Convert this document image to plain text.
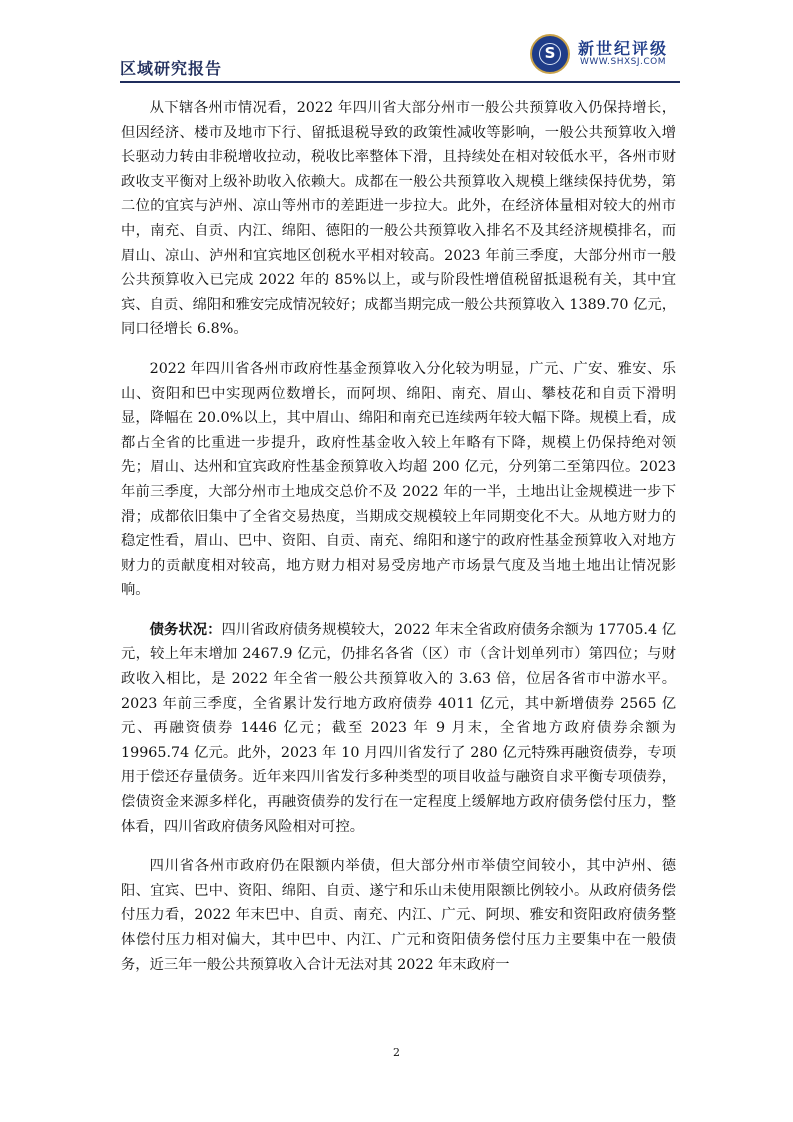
区域研究报告
S	新世纪评级
WWW.SHXSJ.COM

从下辖各州市情况看，2022 年四川省大部分州市一般公共预算收入仍保持增长，但因经济、楼市及地市下行、留抵退税导致的政策性减收等影响，一般公共预算收入增长驱动力转由非税增收拉动，税收比率整体下滑，且持续处在相对较低水平，各州市财政收支平衡对上级补助收入依赖大。成都在一般公共预算收入规模上继续保持优势，第二位的宜宾与泸州、凉山等州市的差距进一步拉大。此外，在经济体量相对较大的州市中，南充、自贡、内江、绵阳、德阳的一般公共预算收入排名不及其经济规模排名，而眉山、凉山、泸州和宜宾地区创税水平相对较高。2023 年前三季度，大部分州市一般公共预算收入已完成 2022 年的 85%以上，或与阶段性增值税留抵退税有关，其中宜宾、自贡、绵阳和雅安完成情况较好；成都当期完成一般公共预算收入 1389.70 亿元，同口径增长 6.8%。

2022 年四川省各州市政府性基金预算收入分化较为明显，广元、广安、雅安、乐山、资阳和巴中实现两位数增长，而阿坝、绵阳、南充、眉山、攀枝花和自贡下滑明显，降幅在 20.0%以上，其中眉山、绵阳和南充已连续两年较大幅下降。规模上看，成都占全省的比重进一步提升，政府性基金收入较上年略有下降，规模上仍保持绝对领先；眉山、达州和宜宾政府性基金预算收入均超 200 亿元，分列第二至第四位。2023 年前三季度，大部分州市土地成交总价不及 2022 年的一半，土地出让金规模进一步下滑；成都依旧集中了全省交易热度，当期成交规模较上年同期变化不大。从地方财力的稳定性看，眉山、巴中、资阳、自贡、南充、绵阳和遂宁的政府性基金预算收入对地方财力的贡献度相对较高，地方财力相对易受房地产市场景气度及当地土地出让情况影响。

债务状况：四川省政府债务规模较大，2022 年末全省政府债务余额为 17705.4 亿元，较上年末增加 2467.9 亿元，仍排名各省（区）市（含计划单列市）第四位；与财政收入相比，是 2022 年全省一般公共预算收入的 3.63 倍，位居各省市中游水平。2023 年前三季度，全省累计发行地方政府债券 4011 亿元，其中新增债券 2565 亿元、再融资债券 1446 亿元；截至 2023 年 9 月末，全省地方政府债券余额为 19965.74 亿元。此外，2023 年 10 月四川省发行了 280 亿元特殊再融资债券，专项用于偿还存量债务。近年来四川省发行多种类型的项目收益与融资自求平衡专项债券，偿债资金来源多样化，再融资债券的发行在一定程度上缓解地方政府债务偿付压力，整体看，四川省政府债务风险相对可控。

四川省各州市政府仍在限额内举债，但大部分州市举债空间较小，其中泸州、德阳、宜宾、巴中、资阳、绵阳、自贡、遂宁和乐山未使用限额比例较小。从政府债务偿付压力看，2022 年末巴中、自贡、南充、内江、广元、阿坝、雅安和资阳政府债务整体偿付压力相对偏大，其中巴中、内江、广元和资阳债务偿付压力主要集中在一般债务，近三年一般公共预算收入合计无法对其 2022 年末政府一

2
